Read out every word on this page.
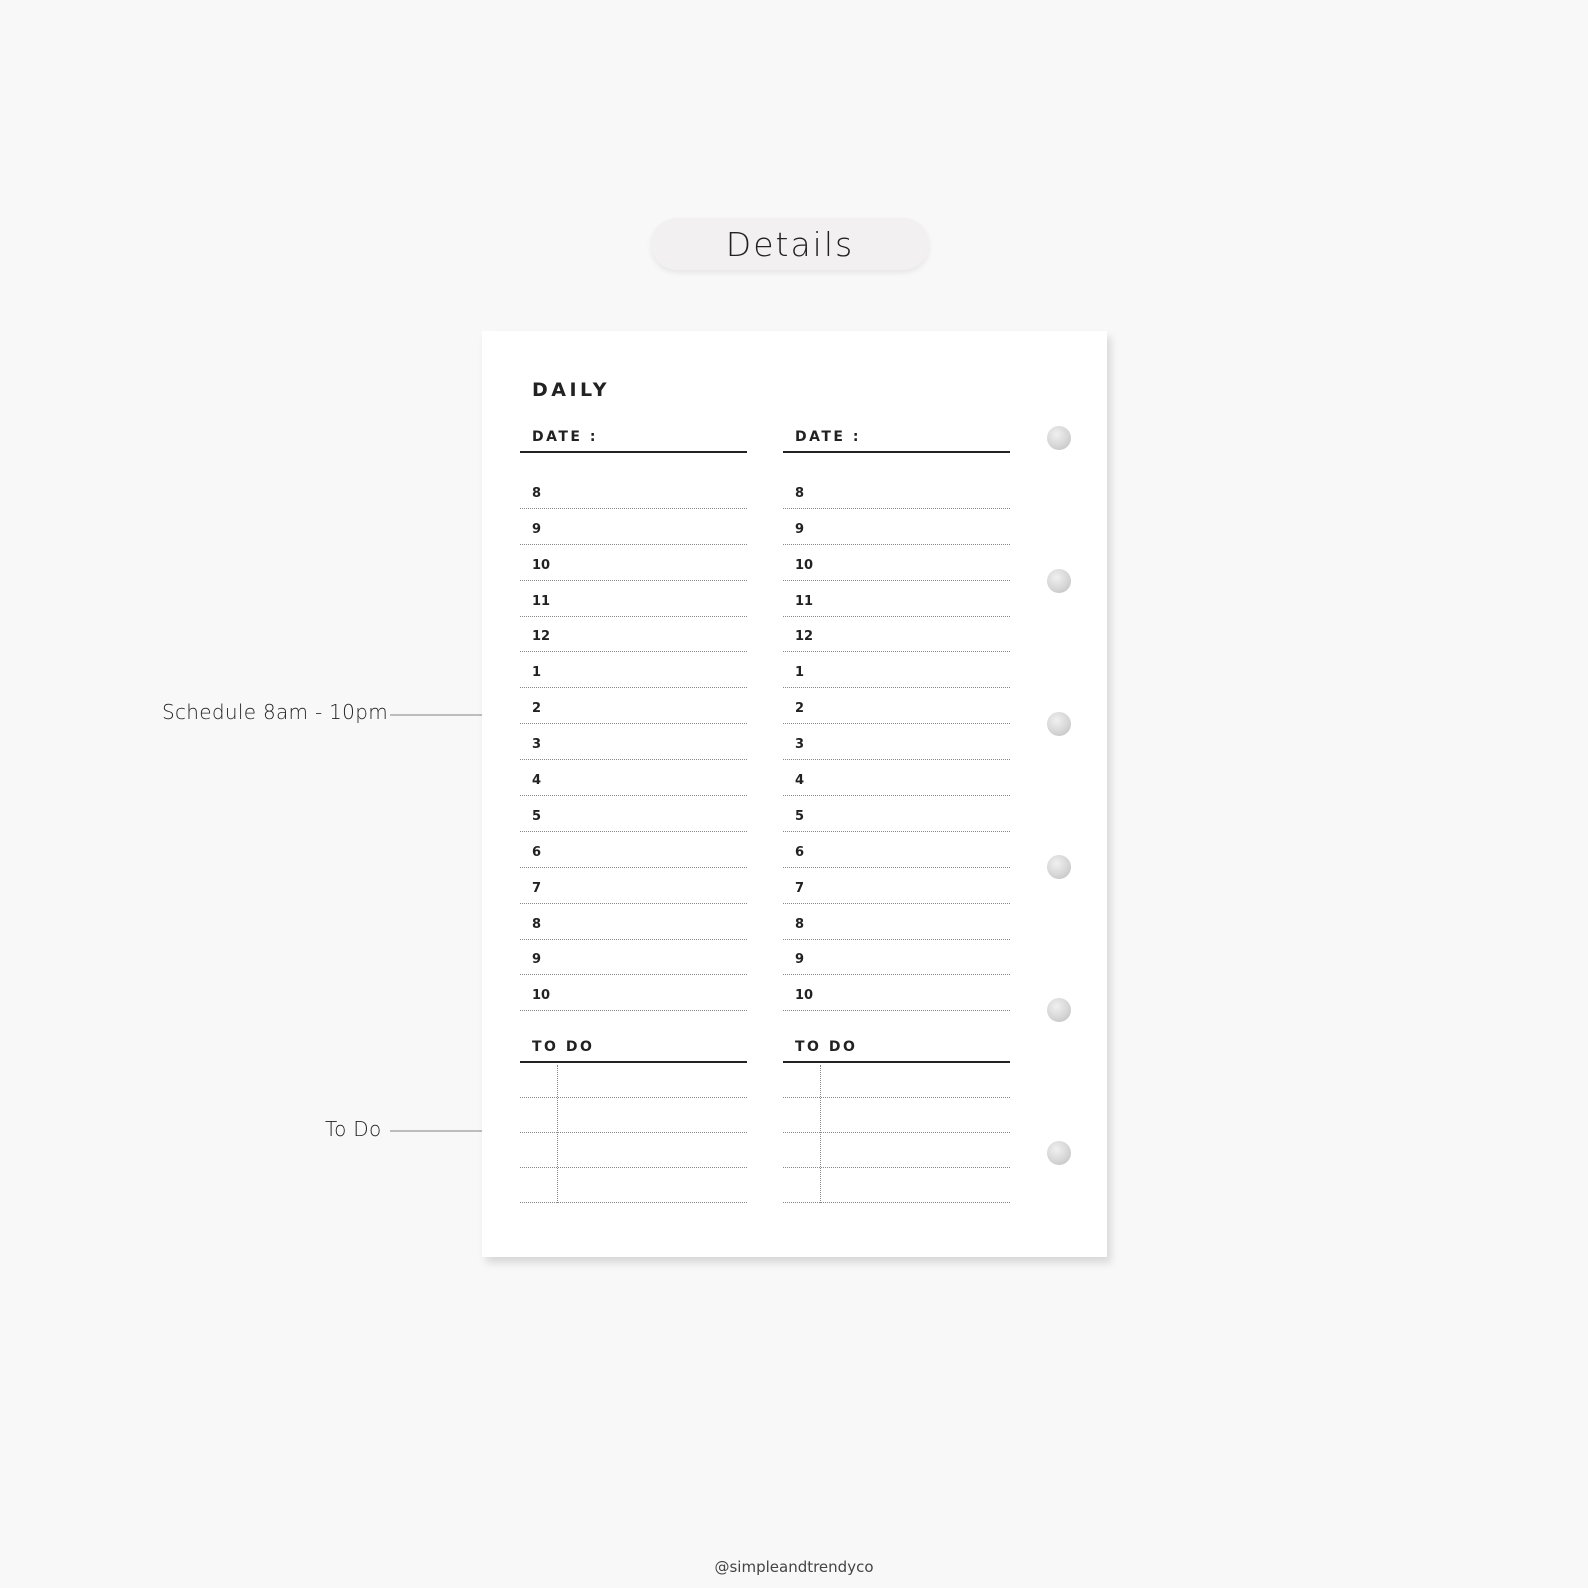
Details
Schedule 8am - 10pm
To Do
DAILY
DATE :
8
9
10
11
12
1
2
3
4
5
6
7
8
9
10
TO DO
DATE :
8
9
10
11
12
1
2
3
4
5
6
7
8
9
10
TO DO
@simpleandtrendyco
